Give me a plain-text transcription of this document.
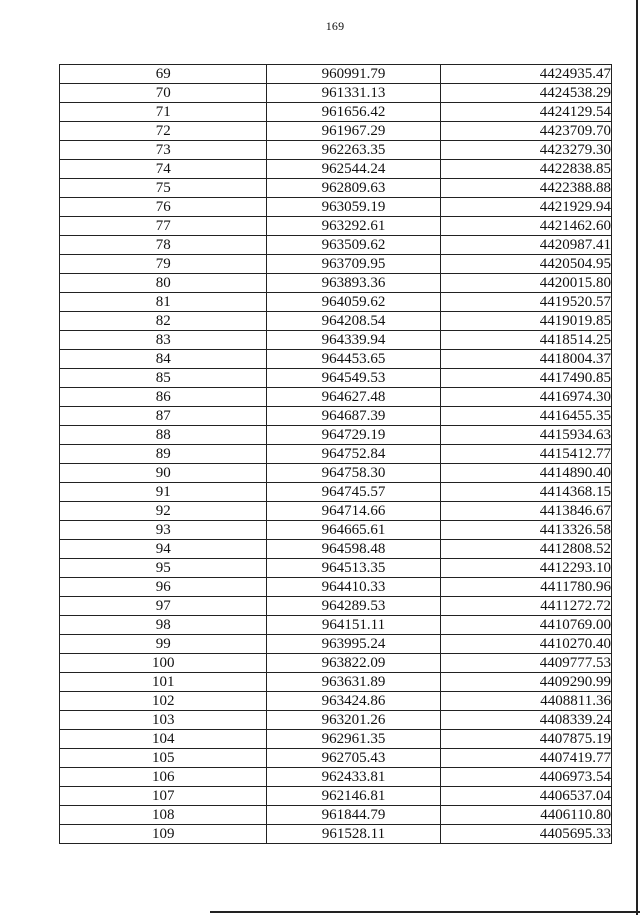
169
69	960991.79	4424935.47
70	961331.13	4424538.29
71	961656.42	4424129.54
72	961967.29	4423709.70
73	962263.35	4423279.30
74	962544.24	4422838.85
75	962809.63	4422388.88
76	963059.19	4421929.94
77	963292.61	4421462.60
78	963509.62	4420987.41
79	963709.95	4420504.95
80	963893.36	4420015.80
81	964059.62	4419520.57
82	964208.54	4419019.85
83	964339.94	4418514.25
84	964453.65	4418004.37
85	964549.53	4417490.85
86	964627.48	4416974.30
87	964687.39	4416455.35
88	964729.19	4415934.63
89	964752.84	4415412.77
90	964758.30	4414890.40
91	964745.57	4414368.15
92	964714.66	4413846.67
93	964665.61	4413326.58
94	964598.48	4412808.52
95	964513.35	4412293.10
96	964410.33	4411780.96
97	964289.53	4411272.72
98	964151.11	4410769.00
99	963995.24	4410270.40
100	963822.09	4409777.53
101	963631.89	4409290.99
102	963424.86	4408811.36
103	963201.26	4408339.24
104	962961.35	4407875.19
105	962705.43	4407419.77
106	962433.81	4406973.54
107	962146.81	4406537.04
108	961844.79	4406110.80
109	961528.11	4405695.33
